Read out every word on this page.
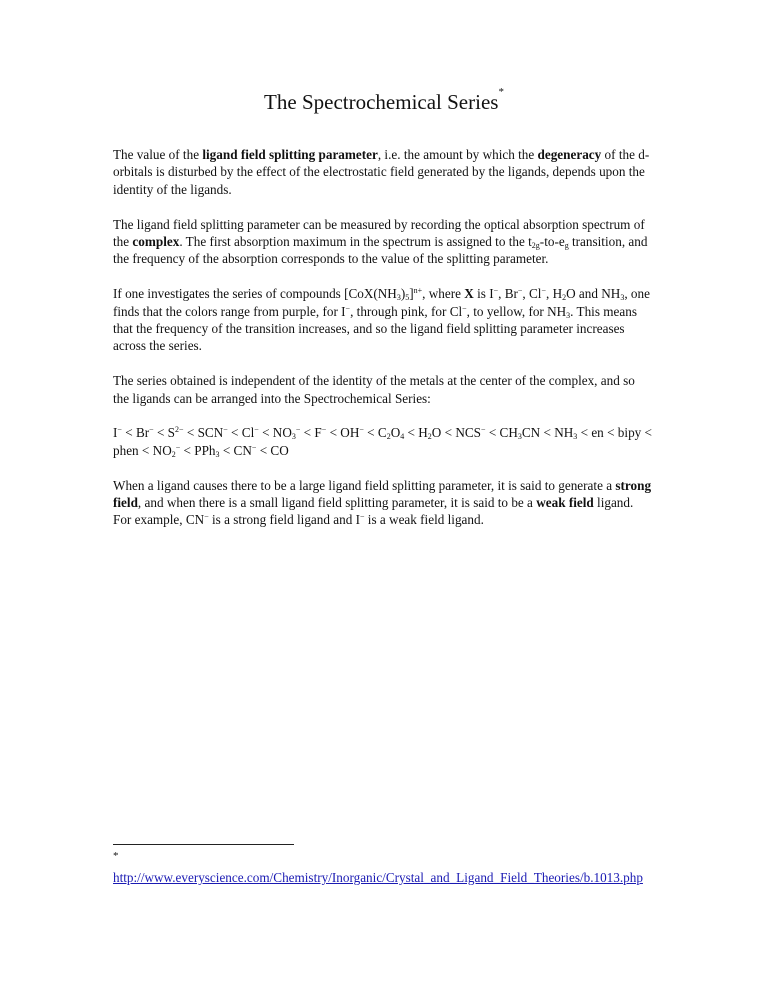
The Spectrochemical Series*

The value of the ligand field splitting parameter, i.e. the amount by which the degeneracy of the d-orbitals is disturbed by the effect of the electrostatic field generated by the ligands, depends upon the identity of the ligands.

The ligand field splitting parameter can be measured by recording the optical absorption spectrum of the complex. The first absorption maximum in the spectrum is assigned to the $t_{2g}-to-e_g$ transition, and the frequency of the absorption corresponds to the value of the splitting parameter.

If one investigates the series of compounds $[CoX(NH_3)_5]^{n+}$, where X is I−, Br−, Cl−, $H_2O$ and $NH_3$, one finds that the colors range from purple, for I−, through pink, for Cl−, to yellow, for $NH_3$. This means that the frequency of the transition increases, and so the ligand field splitting parameter increases across the series.

The series obtained is independent of the identity of the metals at the center of the complex, and so the ligands can be arranged into the Spectrochemical Series:

$I^- < Br^- < S^{2-} < SCN^- < Cl^- < NO_3^- < F^- < OH^- < C_2O_4 < H_2O < NCS^- < CH_3CN < NH_3$ < en < bipy < phen < $NO_2^- < PPh_3 < CN^-$ < CO

When a ligand causes there to be a large ligand field splitting parameter, it is said to generate a strong field, and when there is a small ligand field splitting parameter, it is said to be a weak field ligand. For example, CN− is a strong field ligand and I− is a weak field ligand.

*
http://www.everyscience.com/Chemistry/Inorganic/Crystal_and_Ligand_Field_Theories/b.1013.php
